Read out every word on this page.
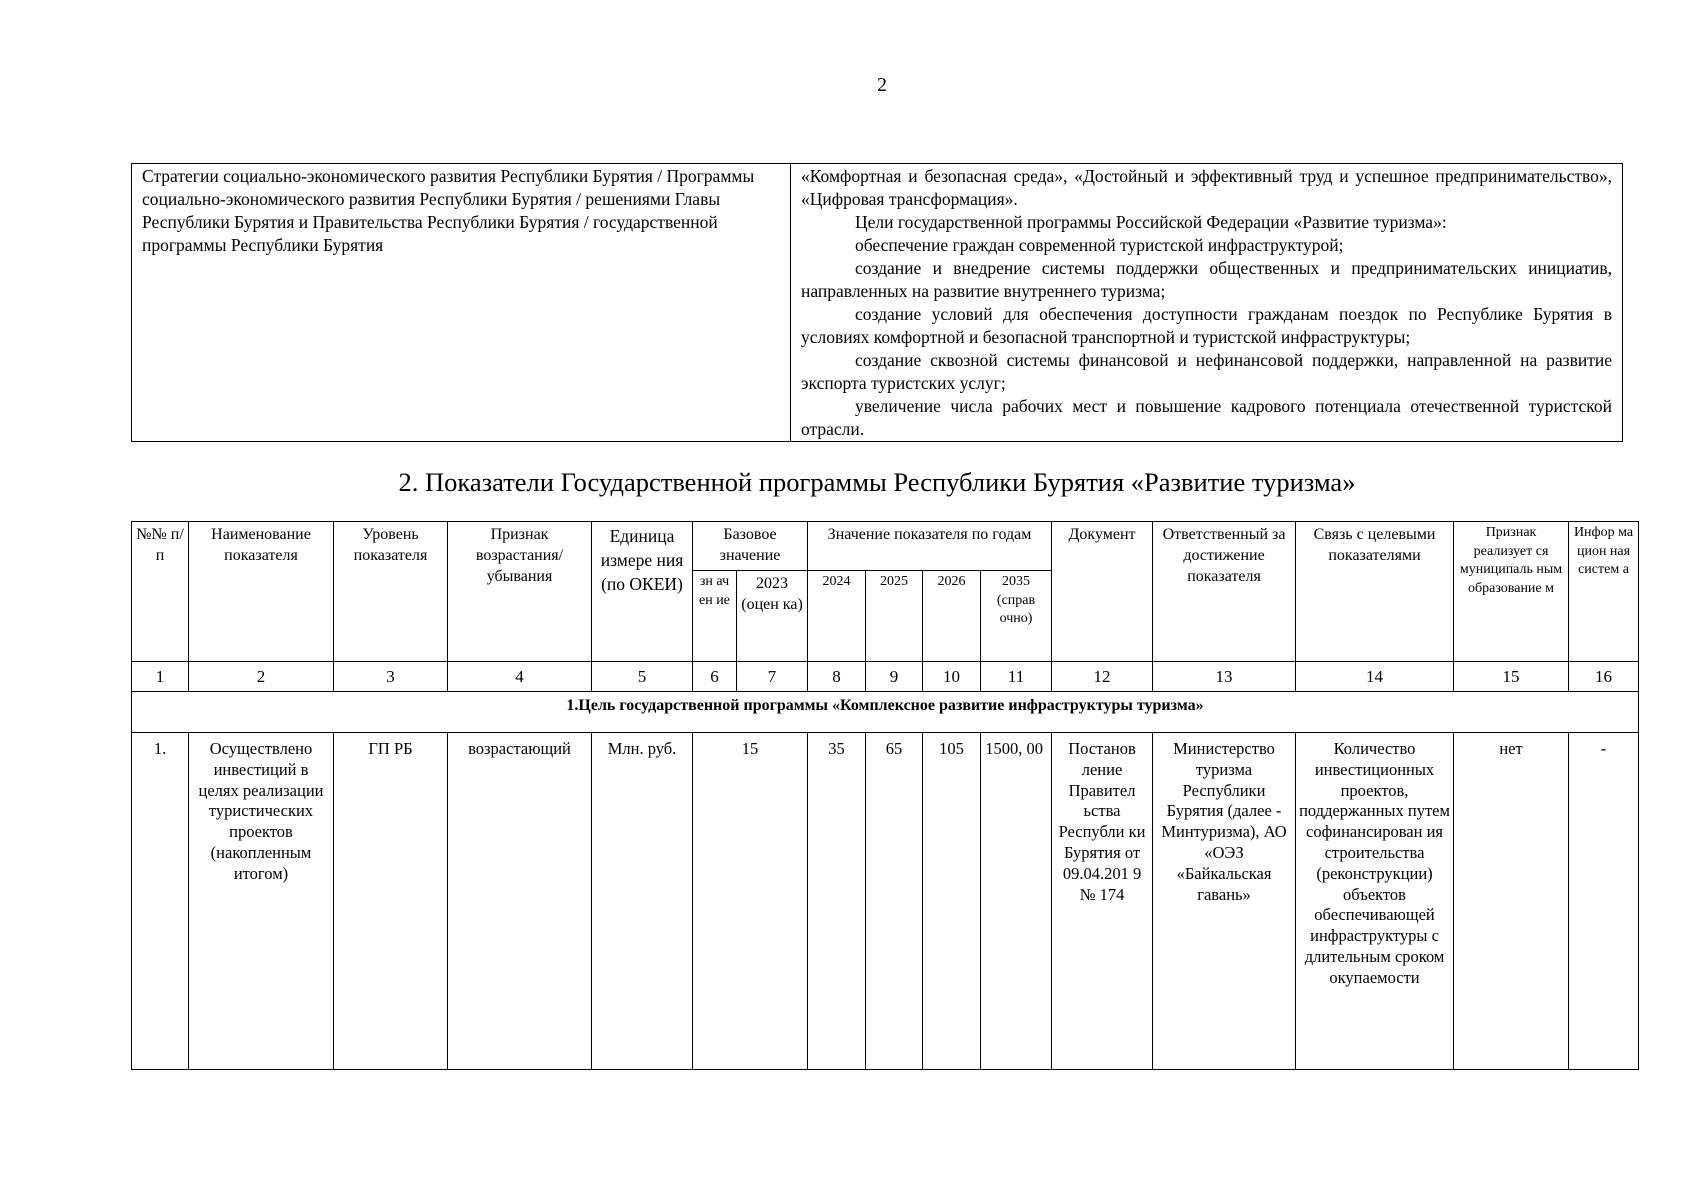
2
Стратегии социально-экономического развития Республики Бурятия / Программы социально-экономического развития Республики Бурятия / решениями Главы Республики Бурятия и Правительства Республики Бурятия / государственной программы Республики Бурятия	

«Комфортная и безопасная среда», «Достойный и эффективный труд и успешное предпринимательство», «Цифровая трансформация».

Цели государственной программы Российской Федерации «Развитие туризма»:

обеспечение граждан современной туристской инфраструктурой;

создание и внедрение системы поддержки общественных и предпринимательских инициатив, направленных на развитие внутреннего туризма;

создание условий для обеспечения доступности гражданам поездок по Республике Бурятия в условиях комфортной и безопасной транспортной и туристской инфраструктуры;

создание сквозной системы финансовой и нефинансовой поддержки, направленной на развитие экспорта туристских услуг;

увеличение числа рабочих мест и повышение кадрового потенциала отечественной туристской отрасли.

2. Показатели Государственной программы Республики Бурятия «Развитие туризма»
№№ п/п	Наименование показателя	Уровень показателя	Признак возрастания/ убывания	Единица измере ния (по ОКЕИ)	Базовое значение		Значение показателя по годам				Документ	Ответственный за достижение показателя	Связь с целевыми показателями	Признак реализует ся муниципаль ным образование м	Инфор ма цион ная систем а
					зн ач ен ие	2023 (оцен ка)	2024	2025	2026	2035 (справ очно)					
1	2	3	4	5	6	7	8	9	10	11	12	13	14	15	16
1.Цель государственной программы «Комплексное развитие инфраструктуры туризма»															
1.	Осуществлено инвестиций в целях реализации туристических проектов (накопленным итогом)	ГП РБ	возрастающий	Млн. руб.	15		35	65	105	1500, 00	Постанов ление Правител ьства Республи ки Бурятия от 09.04.201 9 № 174	Министерство туризма Республики Бурятия (далее - Минтуризма), АО «ОЭЗ «Байкальская гавань»	Количество инвестиционных проектов, поддержанных путем софинансирован ия строительства (реконструкции) объектов обеспечивающей инфраструктуры с длительным сроком окупаемости	нет	-
